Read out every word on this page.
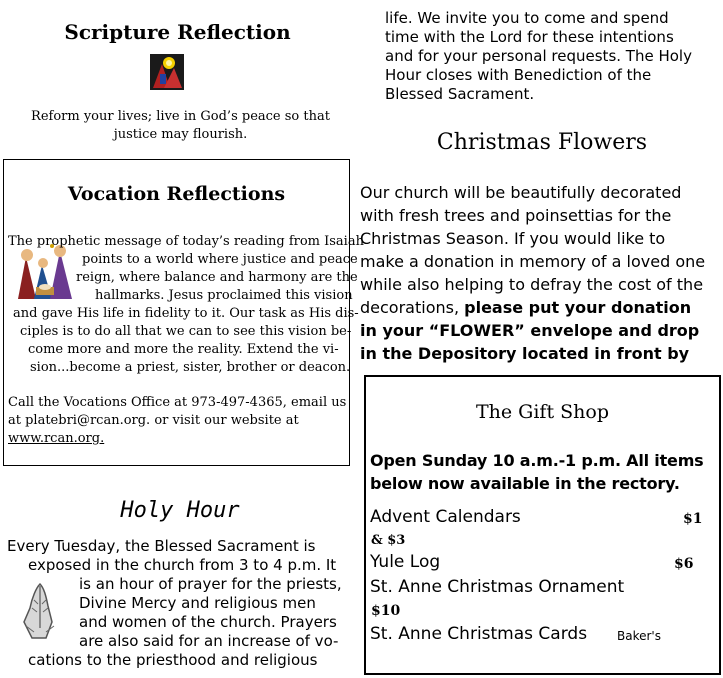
Scripture Reflection
Reform your lives; live in God’s peace so that justice may flourish.
Vocation Reflections
The prophetic message of today’s reading from Isaiah
points to a world where justice and peace
reign, where balance and harmony are the
hallmarks. Jesus proclaimed this vision
and gave His life in fidelity to it. Our task as His dis-
ciples is to do all that we can to see this vision be-
come more and more the reality. Extend the vi-
sion...become a priest, sister, brother or deacon.
Call the Vocations Office at 973-497-4365, email us
at platebri@rcan.org. or visit our website at
www.rcan.org.
Holy Hour
Every Tuesday, the Blessed Sacrament is
exposed in the church from 3 to 4 p.m. It
is an hour of prayer for the priests,
Divine Mercy and religious men
and women of the church. Prayers
are also said for an increase of vo-
cations to the priesthood and religious
life. We invite you to come and spend
time with the Lord for these intentions
and for your personal requests. The Holy
Hour closes with Benediction of the
Blessed Sacrament.
Christmas Flowers
Our church will be beautifully decorated
with fresh trees and poinsettias for the
Christmas Season. If you would like to
make a donation in memory of a loved one
while also helping to defray the cost of the
decorations, please put your donation
in your “FLOWER” envelope and drop
in the Depository located in front by
The Gift Shop
Open Sunday 10 a.m.-1 p.m. All items
below now available in the rectory.
Advent Calendars	$1
& $3
Yule Log	$6
St. Anne Christmas Ornament
$10
St. Anne Christmas Cards Baker's
